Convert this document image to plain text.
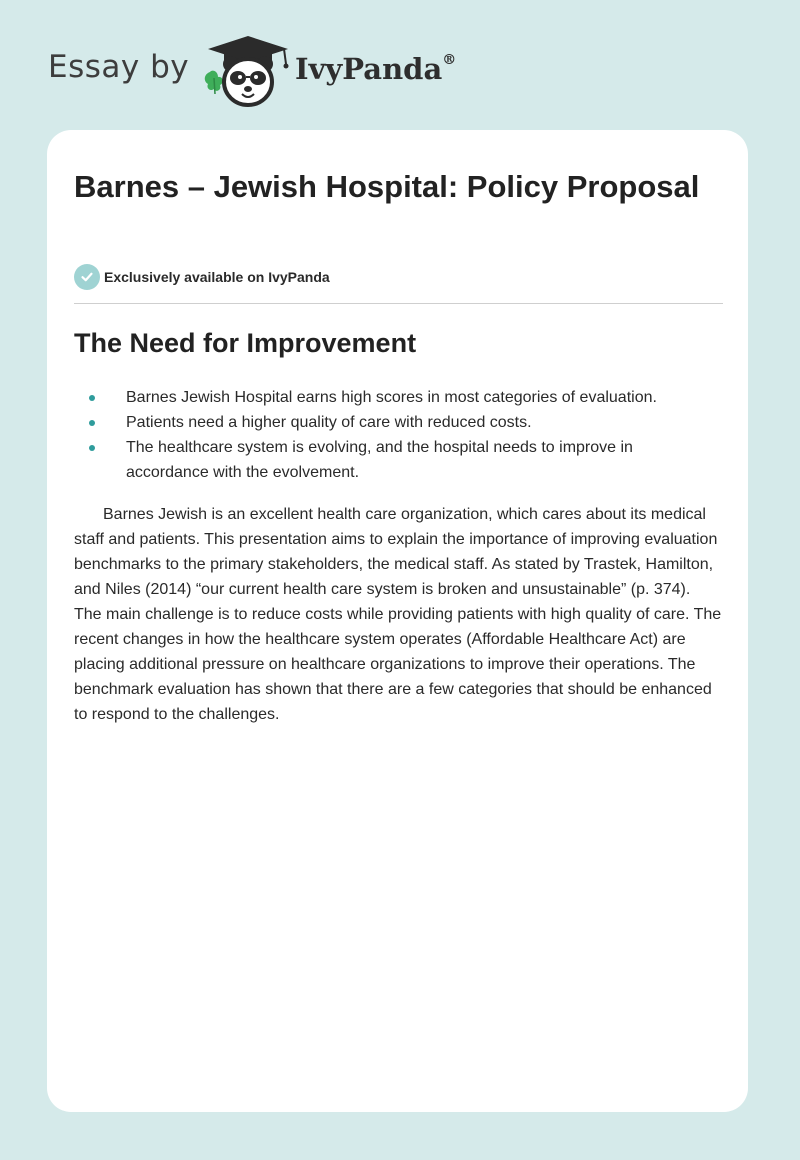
Essay by	IvyPanda®
Barnes – Jewish Hospital: Policy Proposal
Exclusively available on IvyPanda
The Need for Improvement
Barnes Jewish Hospital earns high scores in most categories of evaluation.
Patients need a higher quality of care with reduced costs.
The healthcare system is evolving, and the hospital needs to improve in accordance with the evolvement.

Barnes Jewish is an excellent health care organization, which cares about its medical staff and patients. This presentation aims to explain the importance of improving evaluation benchmarks to the primary stakeholders, the medical staff. As stated by Trastek, Hamilton, and Niles (2014) “our current health care system is broken and unsustainable” (p. 374). The main challenge is to reduce costs while providing patients with high quality of care. The recent changes in how the healthcare system operates (Affordable Healthcare Act) are placing additional pressure on healthcare organizations to improve their operations. The benchmark evaluation has shown that there are a few categories that should be enhanced to respond to the challenges.
